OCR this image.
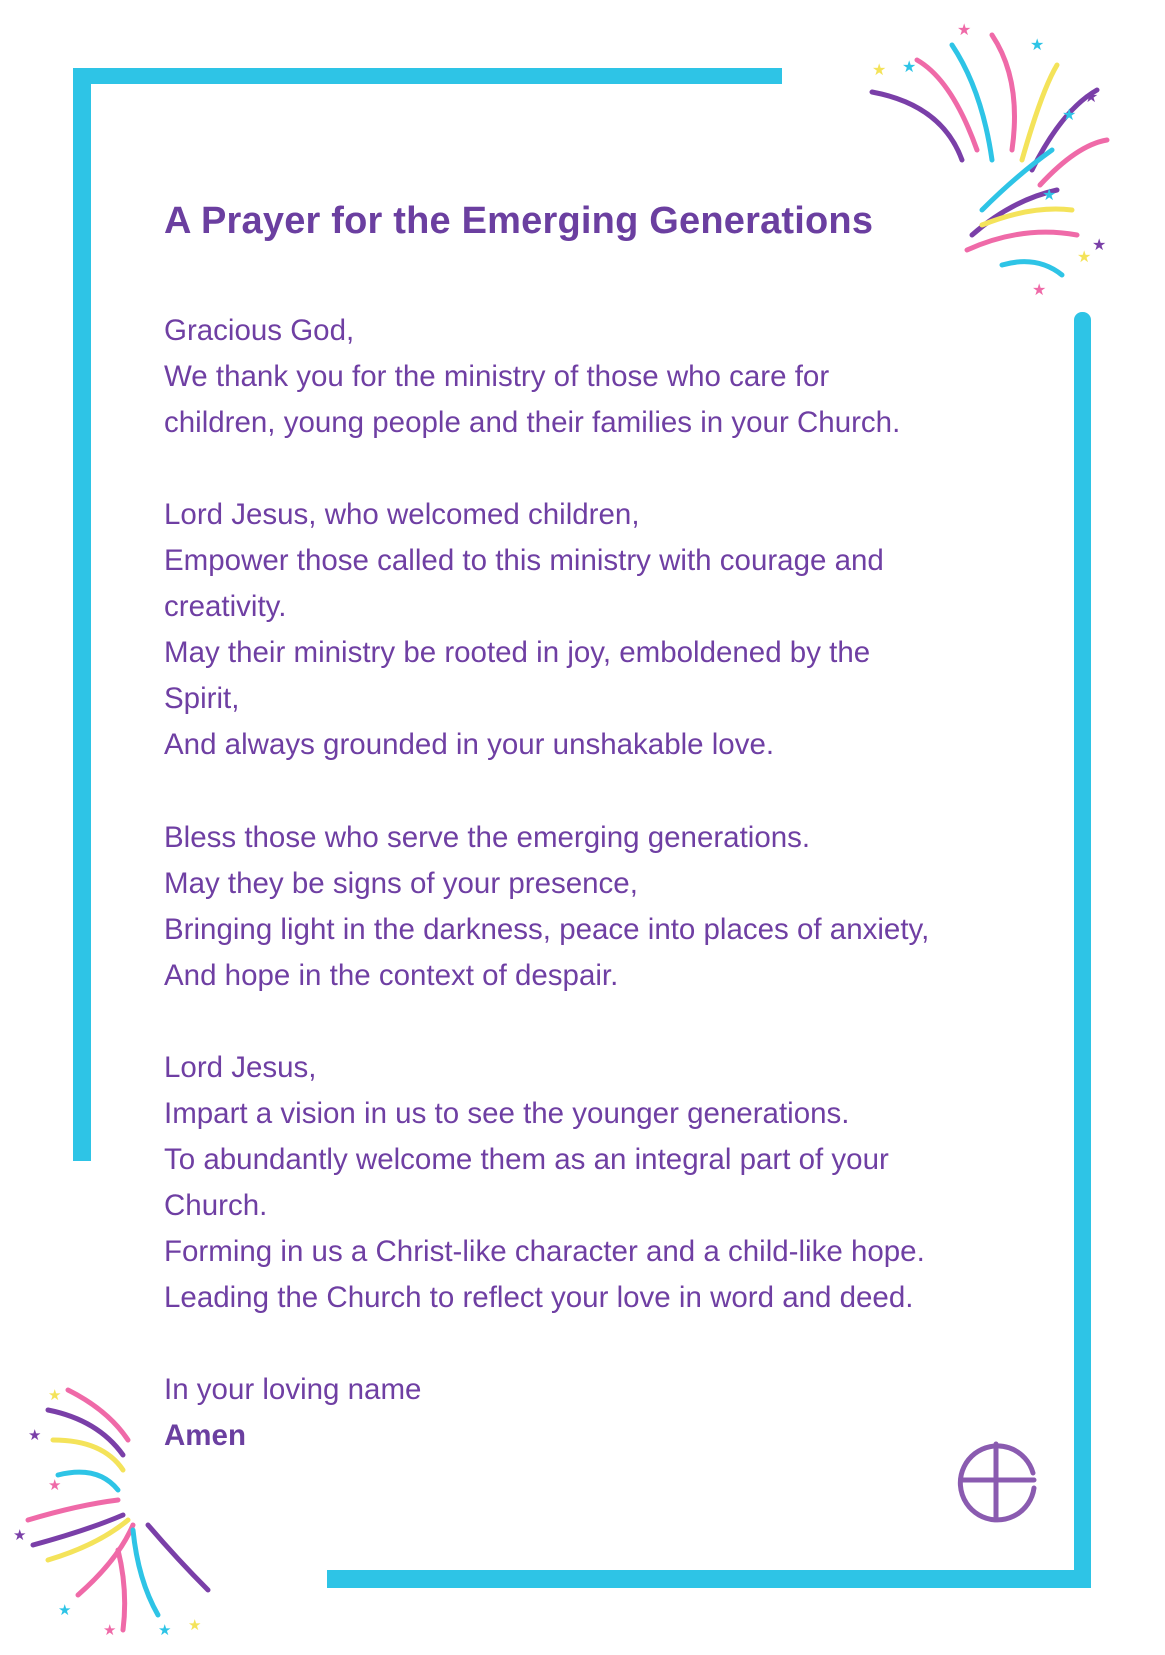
★
★ ★
★
★
★
★
★
★
★
★
★
★
★
★
★	★ ★
A Prayer for the Emerging Generations
Gracious God,
We thank you for the ministry of those who care for
children, young people and their families in your Church.
Lord Jesus, who welcomed children,
Empower those called to this ministry with courage and
creativity.
May their ministry be rooted in joy, emboldened by the
Spirit,
And always grounded in your unshakable love.
Bless those who serve the emerging generations.
May they be signs of your presence,
Bringing light in the darkness, peace into places of anxiety,
And hope in the context of despair.
Lord Jesus,
Impart a vision in us to see the younger generations.
To abundantly welcome them as an integral part of your
Church.
Forming in us a Christ-like character and a child-like hope.
Leading the Church to reflect your love in word and deed.
In your loving name
Amen
